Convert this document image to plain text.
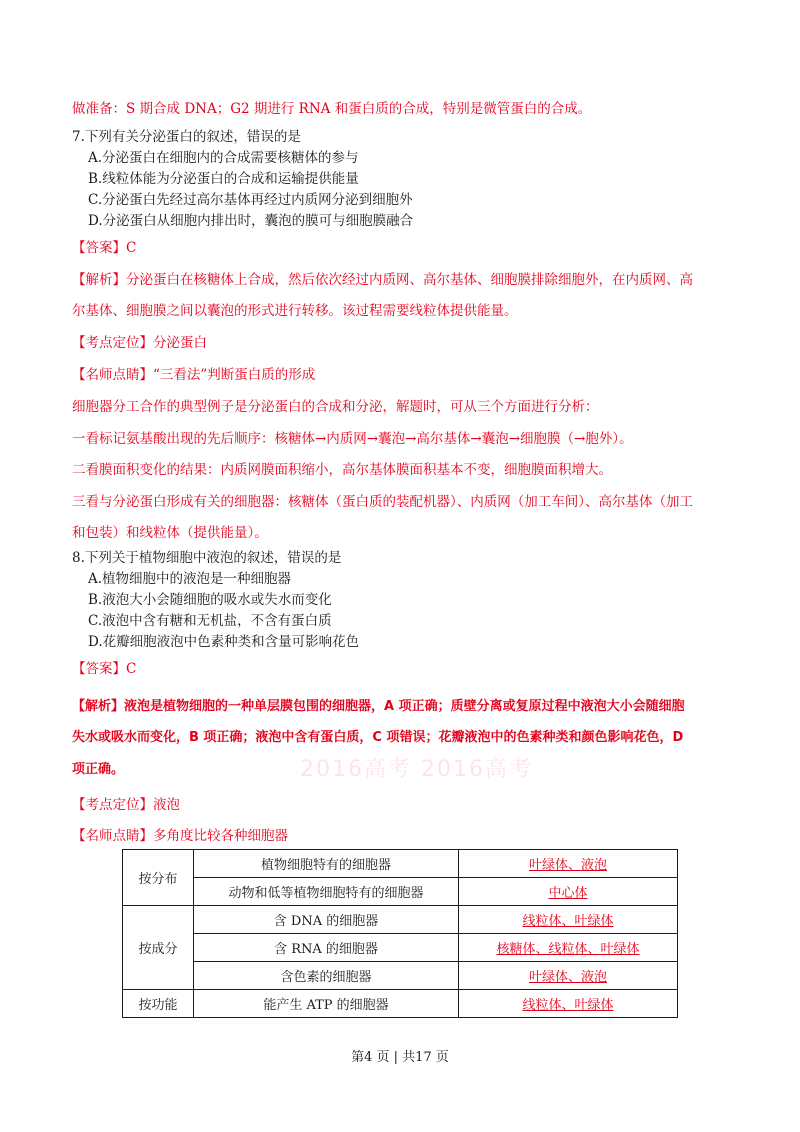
做准备：S 期合成 DNA；G2 期进行 RNA 和蛋白质的合成，特别是微管蛋白的合成。
7.下列有关分泌蛋白的叙述，错误的是
A.分泌蛋白在细胞内的合成需要核糖体的参与
B.线粒体能为分泌蛋白的合成和运输提供能量
C.分泌蛋白先经过高尔基体再经过内质网分泌到细胞外
D.分泌蛋白从细胞内排出时，囊泡的膜可与细胞膜融合
【答案】C
【解析】分泌蛋白在核糖体上合成，然后依次经过内质网、高尔基体、细胞膜排除细胞外，在内质网、高
尔基体、细胞膜之间以囊泡的形式进行转移。该过程需要线粒体提供能量。
【考点定位】分泌蛋白
【名师点睛】“三看法”判断蛋白质的形成
细胞器分工合作的典型例子是分泌蛋白的合成和分泌，解题时，可从三个方面进行分析：
一看标记氨基酸出现的先后顺序：核糖体→内质网→囊泡→高尔基体→囊泡→细胞膜（→胞外）。
二看膜面积变化的结果：内质网膜面积缩小，高尔基体膜面积基本不变，细胞膜面积增大。
三看与分泌蛋白形成有关的细胞器：核糖体（蛋白质的装配机器）、内质网（加工车间）、高尔基体（加工
和包装）和线粒体（提供能量）。
8.下列关于植物细胞中液泡的叙述，错误的是
A.植物细胞中的液泡是一种细胞器
B.液泡大小会随细胞的吸水或失水而变化
C.液泡中含有糖和无机盐，不含有蛋白质
D.花瓣细胞液泡中色素种类和含量可影响花色
【答案】C
2016高考 2016高考
【解析】液泡是植物细胞的一种单层膜包围的细胞器，A 项正确；质壁分离或复原过程中液泡大小会随细胞
失水或吸水而变化，B 项正确；液泡中含有蛋白质，C 项错误；花瓣液泡中的色素种类和颜色影响花色，D
项正确。
【考点定位】液泡
【名师点睛】多角度比较各种细胞器
按分布	植物细胞特有的细胞器	叶绿体、液泡
	动物和低等植物细胞特有的细胞器	中心体
按成分	含 DNA 的细胞器	线粒体、叶绿体
	含 RNA 的细胞器	核糖体、线粒体、叶绿体
	含色素的细胞器	叶绿体、液泡
按功能	能产生 ATP 的细胞器	线粒体、叶绿体
第4 页 | 共17 页
